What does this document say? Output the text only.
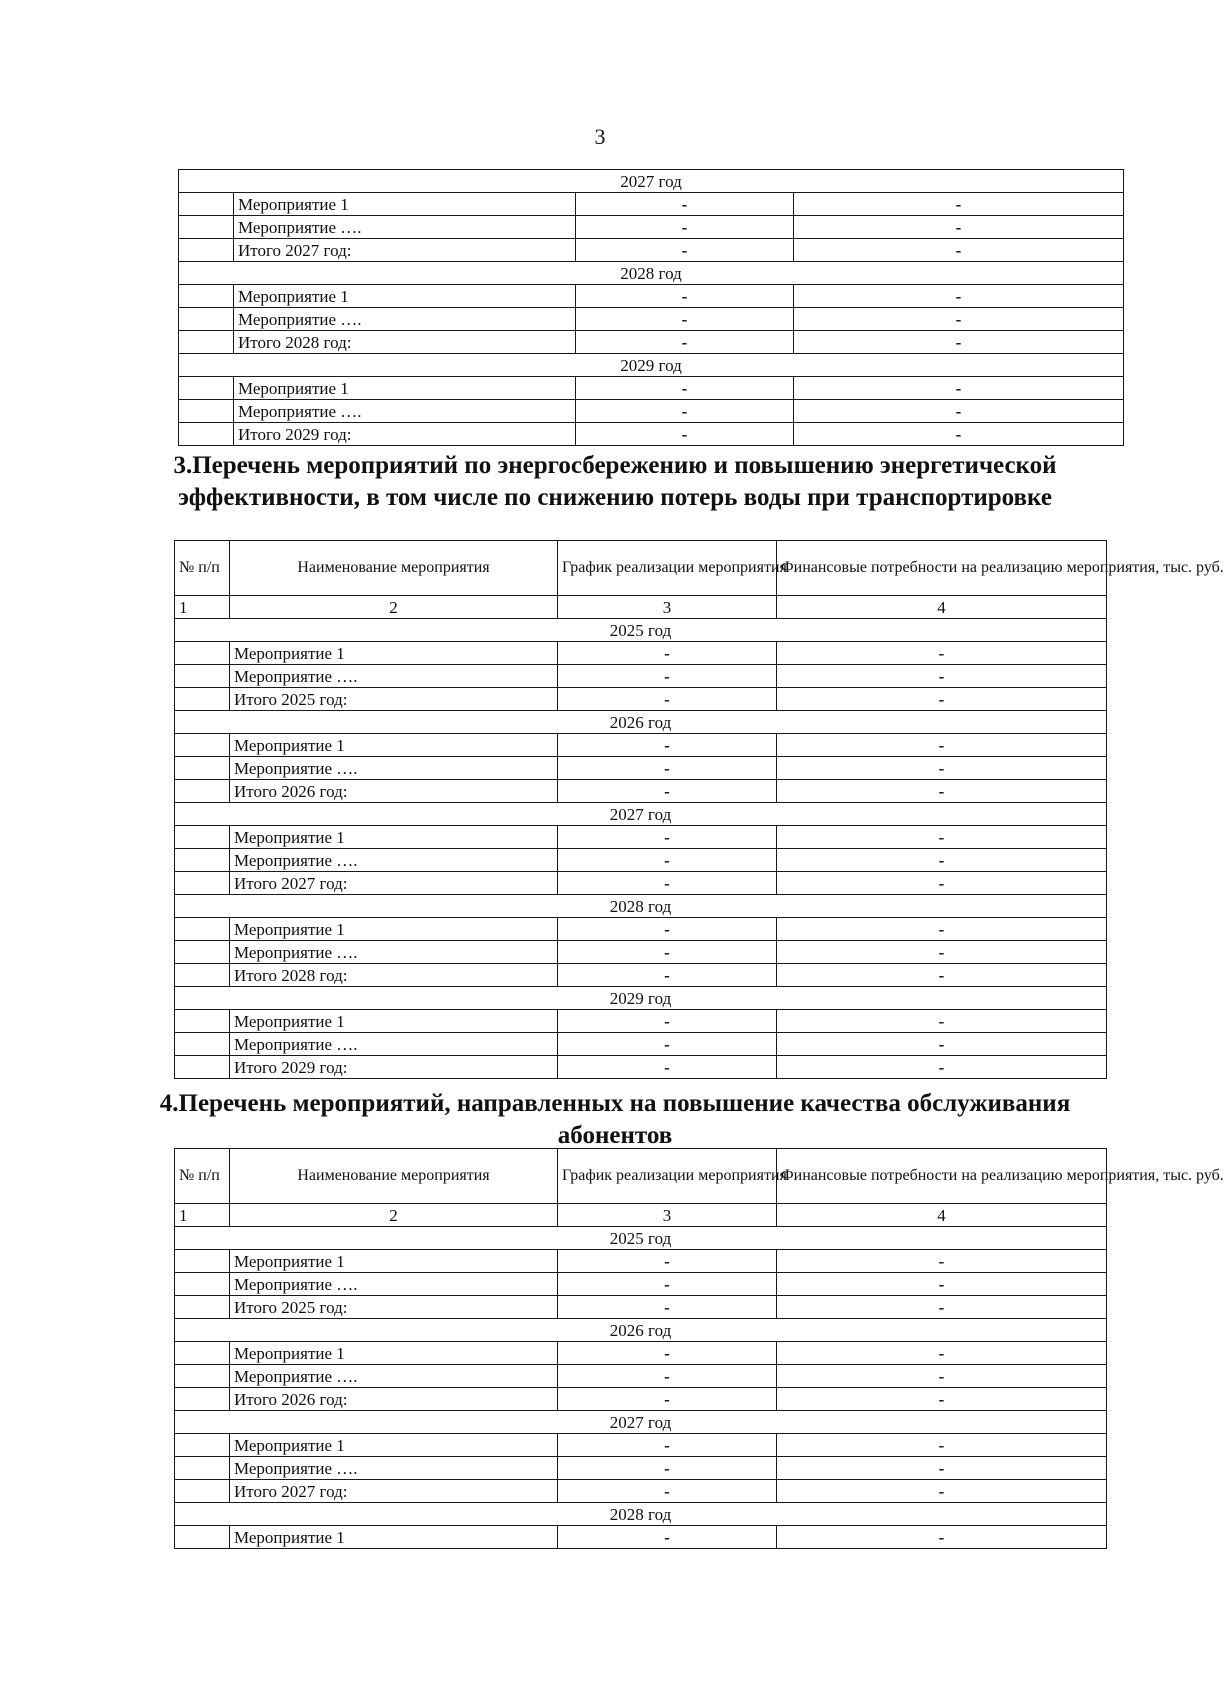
3
2027 год			
	Мероприятие 1	-	-
	Мероприятие ….	-	-
	Итого 2027 год:	-	-
2028 год			
	Мероприятие 1	-	-
	Мероприятие ….	-	-
	Итого 2028 год:	-	-
2029 год			
	Мероприятие 1	-	-
	Мероприятие ….	-	-
	Итого 2029 год:	-	-
3.Перечень мероприятий по энергосбережению и повышению энергетической эффективности, в том числе по снижению потерь воды при транспортировке
№ п/п	Наименование мероприятия	График реализации мероприятия	Финансовые потребности на реализацию мероприятия, тыс. руб.
1	2	3	4
2025 год			
	Мероприятие 1	-	-
	Мероприятие ….	-	-
	Итого 2025 год:	-	-
2026 год			
	Мероприятие 1	-	-
	Мероприятие ….	-	-
	Итого 2026 год:	-	-
2027 год			
	Мероприятие 1	-	-
	Мероприятие ….	-	-
	Итого 2027 год:	-	-
2028 год			
	Мероприятие 1	-	-
	Мероприятие ….	-	-
	Итого 2028 год:	-	-
2029 год			
	Мероприятие 1	-	-
	Мероприятие ….	-	-
	Итого 2029 год:	-	-
4.Перечень мероприятий, направленных на повышение качества обслуживания абонентов
№ п/п	Наименование мероприятия	График реализации мероприятия	Финансовые потребности на реализацию мероприятия, тыс. руб.
1	2	3	4
2025 год			
	Мероприятие 1	-	-
	Мероприятие ….	-	-
	Итого 2025 год:	-	-
2026 год			
	Мероприятие 1	-	-
	Мероприятие ….	-	-
	Итого 2026 год:	-	-
2027 год			
	Мероприятие 1	-	-
	Мероприятие ….	-	-
	Итого 2027 год:	-	-
2028 год			
	Мероприятие 1	-	-
